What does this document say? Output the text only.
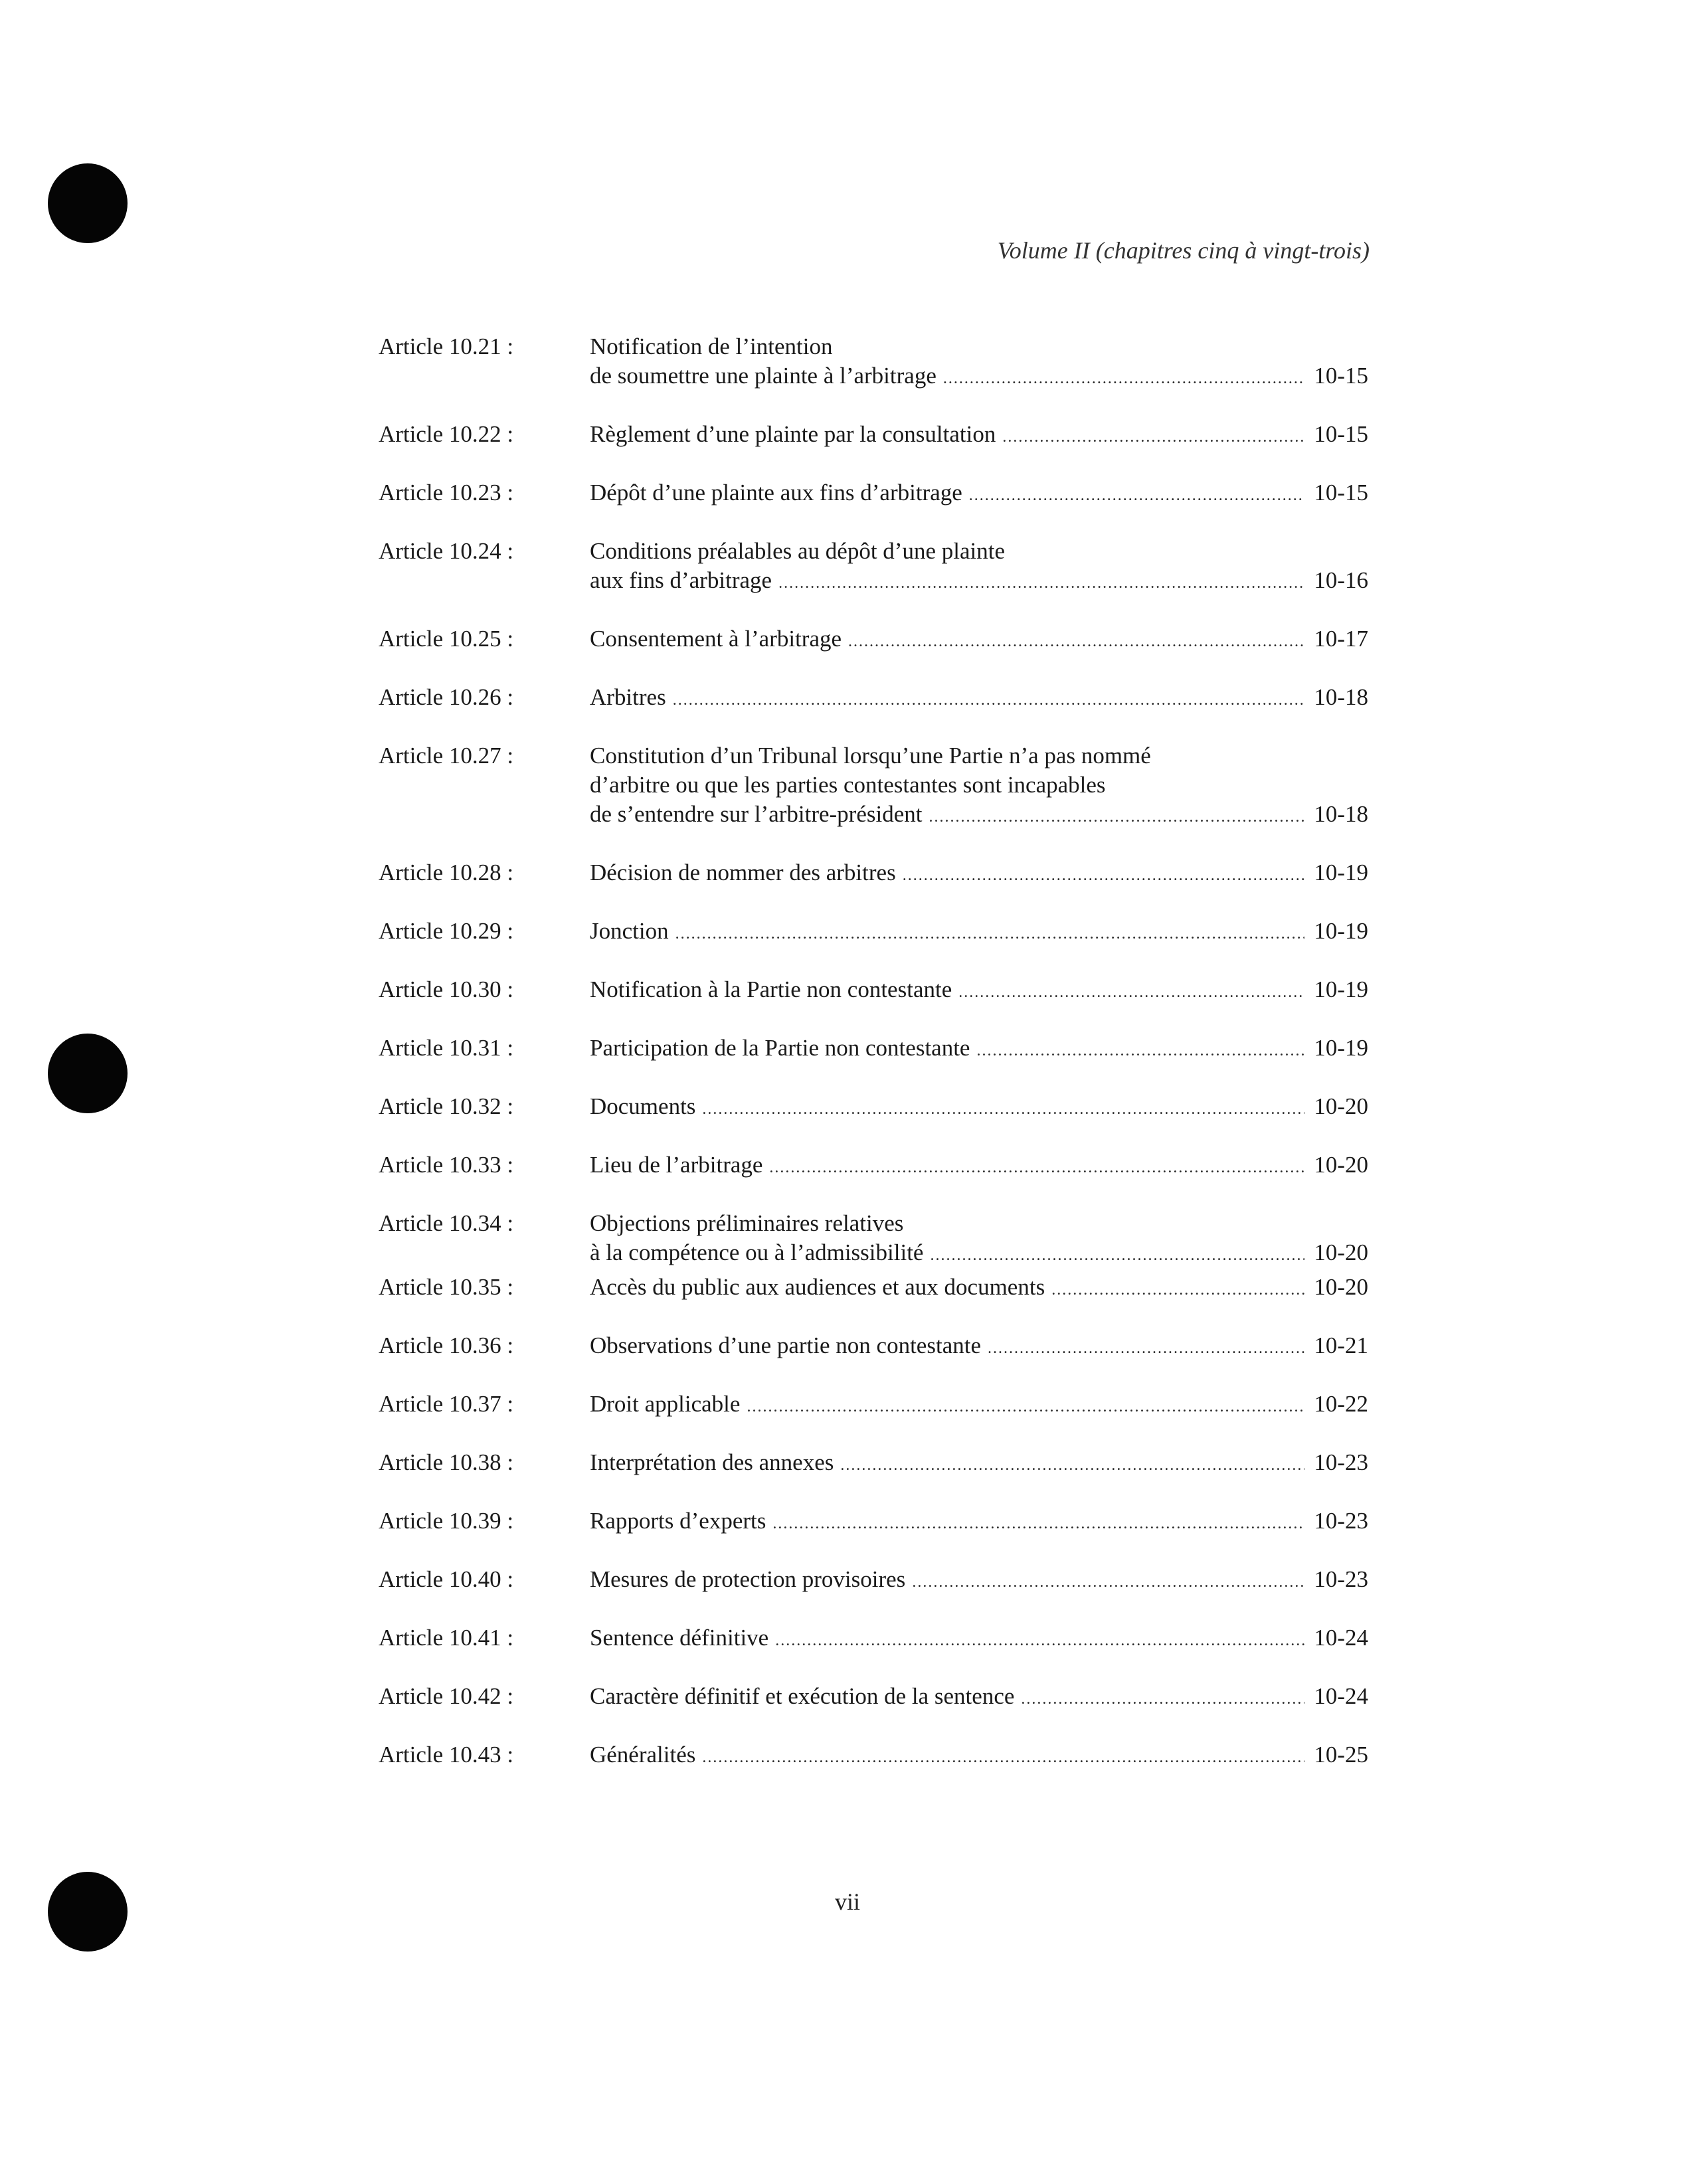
Volume II (chapitres cinq à vingt-trois)
Article 10.21 :	Notification de l’intention
de soumettre une plainte à l’arbitrage .....	10-15
Article 10.22 :	Règlement d’une plainte par la consultation .....	10-15
Article 10.23 :	Dépôt d’une plainte aux fins d’arbitrage .....	10-15
Article 10.24 :	Conditions préalables au dépôt d’une plainte
aux fins d’arbitrage .....	10-16
Article 10.25 :	Consentement à l’arbitrage .....	10-17
Article 10.26 :	Arbitres .....	10-18
Article 10.27 :	Constitution d’un Tribunal lorsqu’une Partie n’a pas nommé
d’arbitre ou que les parties contestantes sont incapables
de s’entendre sur l’arbitre-président .....	10-18
Article 10.28 :	Décision de nommer des arbitres .....	10-19
Article 10.29 :	Jonction .....	10-19
Article 10.30 :	Notification à la Partie non contestante .....	10-19
Article 10.31 :	Participation de la Partie non contestante .....	10-19
Article 10.32 :	Documents .....	10-20
Article 10.33 :	Lieu de l’arbitrage .....	10-20
Article 10.34 :	Objections préliminaires relatives
à la compétence ou à l’admissibilité .....	10-20
Article 10.35 :	Accès du public aux audiences et aux documents .....	10-20
Article 10.36 :	Observations d’une partie non contestante .....	10-21
Article 10.37 :	Droit applicable .....	10-22
Article 10.38 :	Interprétation des annexes .....	10-23
Article 10.39 :	Rapports d’experts .....	10-23
Article 10.40 :	Mesures de protection provisoires .....	10-23
Article 10.41 :	Sentence définitive .....	10-24
Article 10.42 :	Caractère définitif et exécution de la sentence .....	10-24
Article 10.43 :	Généralités .....	10-25
vii
